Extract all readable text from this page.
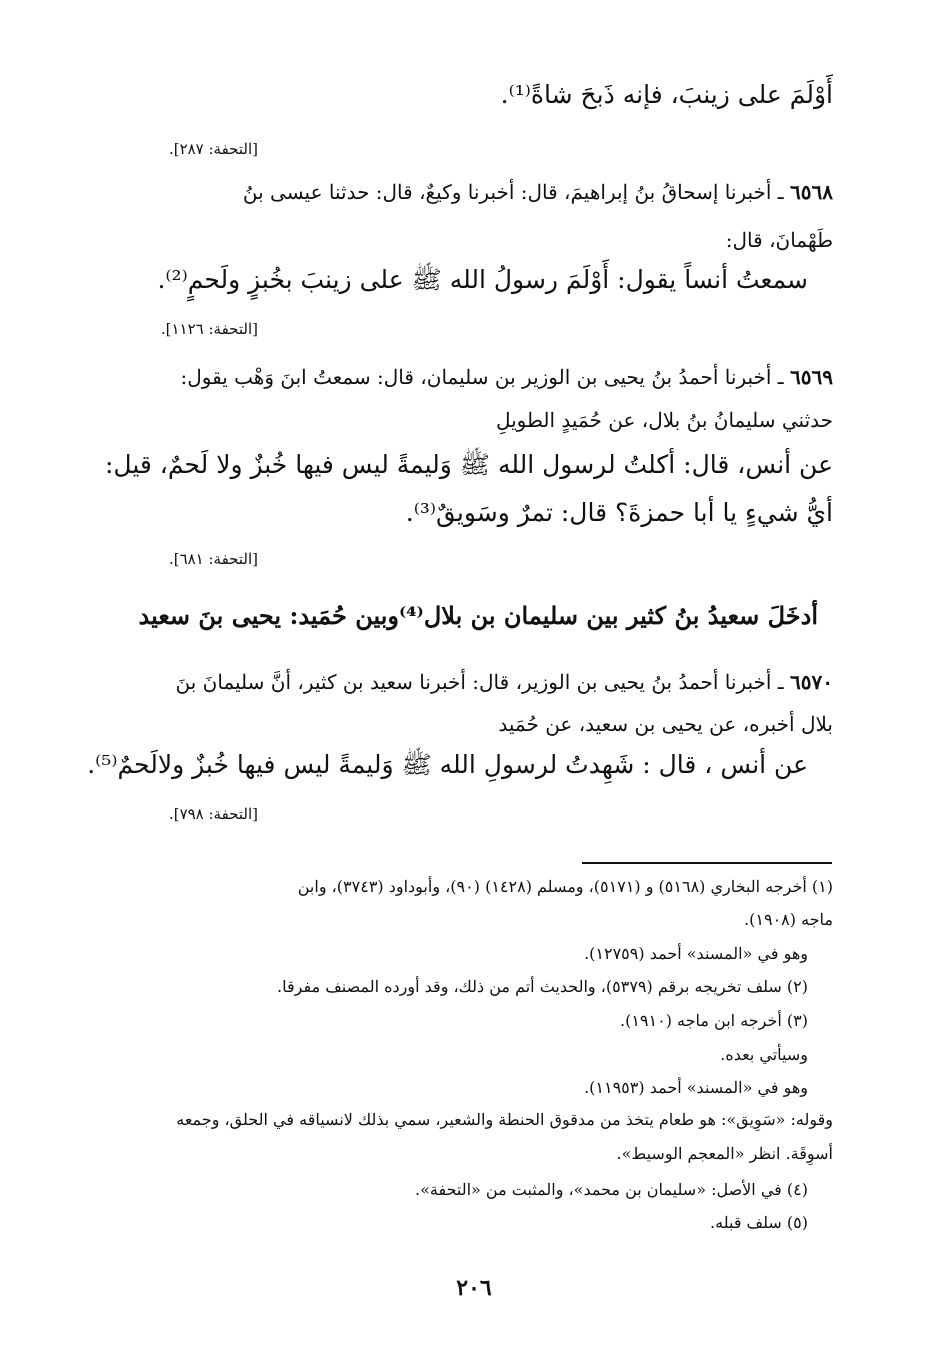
أَوْلَمَ على زينبَ، فإنه ذَبحَ شاةً⁽¹⁾.
[التحفة: ٢٨٧].
٦٥٦٨ ـ أخبرنا إسحاقُ بنُ إبراهيمَ، قال: أخبرنا وكيعٌ، قال: حدثنا عيسى بنُ
طَهْمانَ، قال:
سمعتُ أنساً يقول: أَوْلَمَ رسولُ الله ﷺ على زينبَ بخُبزٍ ولَحمٍ⁽²⁾.
[التحفة: ١١٢٦].
٦٥٦٩ ـ أخبرنا أحمدُ بنُ يحيى بن الوزير بن سليمان، قال: سمعتُ ابنَ وَهْب يقول:
حدثني سليمانُ بنُ بلال، عن حُمَيدٍ الطويلِ
عن أنس، قال: أكلتُ لرسول الله ﷺ وَليمةً ليس فيها خُبزٌ ولا لَحمٌ، قيل:
أيُّ شيءٍ يا أبا حمزةَ؟ قال: تمرٌ وسَويقٌ⁽³⁾.
[التحفة: ٦٨١].
أدخَلَ سعيدُ بنُ كثير بين سليمان بن بلال⁽⁴⁾وبين حُمَيد: يحيى بنَ سعيد
٦٥٧٠ ـ أخبرنا أحمدُ بنُ يحيى بن الوزير، قال: أخبرنا سعيد بن كثير، أنَّ سليمانَ بنَ
بلال أخبره، عن يحيى بن سعيد، عن حُمَيد
عن أنس ، قال : شَهِدتُ لرسولِ الله ﷺ وَليمةً ليس فيها خُبزٌ ولالَحمٌ⁽⁵⁾.
[التحفة: ٧٩٨].
(١) أخرجه البخاري (٥١٦٨) و (٥١٧١)، ومسلم (١٤٢٨) (٩٠)، وأبوداود (٣٧٤٣)، وابن
ماجه (١٩٠٨).
وهو في «المسند» أحمد (١٢٧٥٩).
(٢) سلف تخريجه برقم (٥٣٧٩)، والحديث أتم من ذلك، وقد أورده المصنف مفرقا.
(٣) أخرجه ابن ماجه (١٩١٠).
وسيأتي بعده.
وهو في «المسند» أحمد (١١٩٥٣).
وقوله: «سَوِيق»: هو طعام يتخذ من مدقوق الحنطة والشعير، سمي بذلك لانسياقه في الحلق، وجمعه
أسوِقَة. انظر «المعجم الوسيط».
(٤) في الأصل: «سليمان بن محمد»، والمثبت من «التحفة».
(٥) سلف قبله.
٢٠٦
